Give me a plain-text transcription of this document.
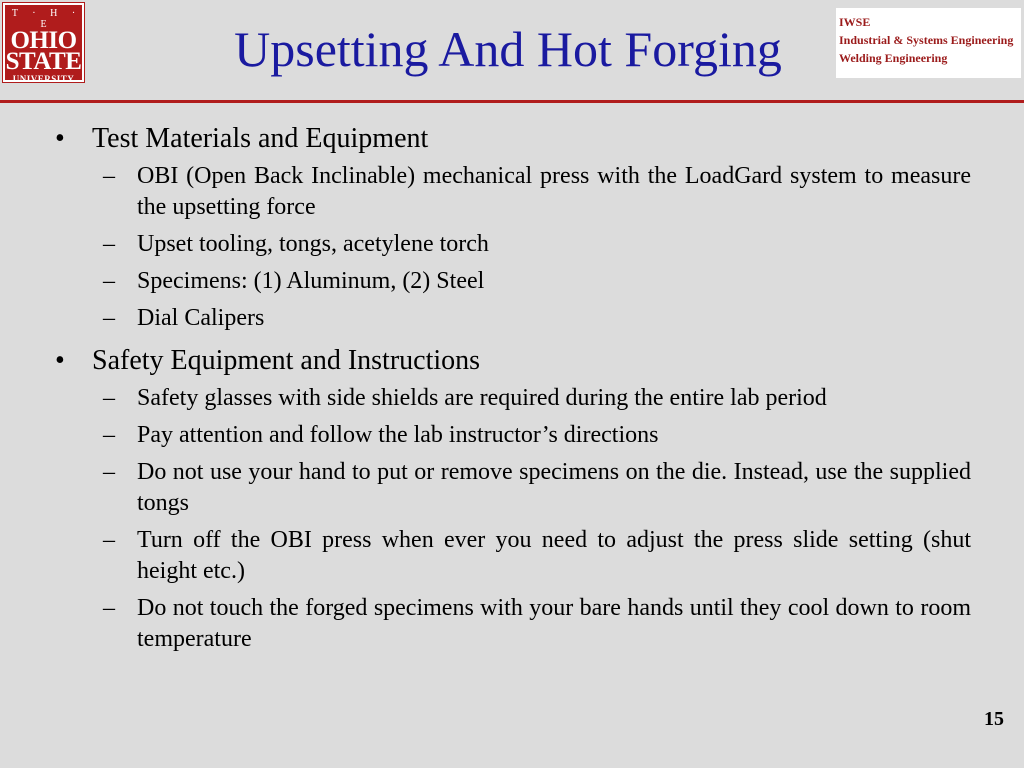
T · H · E
OHIO
STATE
UNIVERSITY
Upsetting And Hot Forging	IWSE
Industrial & Systems Engineering
Welding Engineering
• Test Materials and Equipment
– OBI (Open Back Inclinable) mechanical press with the LoadGard system to measure the upsetting force
– Upset tooling, tongs, acetylene torch
– Specimens: (1) Aluminum, (2) Steel
– Dial Calipers
• Safety Equipment and Instructions
– Safety glasses with side shields are required during the entire lab period
– Pay attention and follow the lab instructor’s directions
– Do not use your hand to put or remove specimens on the die. Instead, use the supplied tongs
– Turn off the OBI press when ever you need to adjust the press slide setting (shut height etc.)
– Do not touch the forged specimens with your bare hands until they cool down to room temperature
15
